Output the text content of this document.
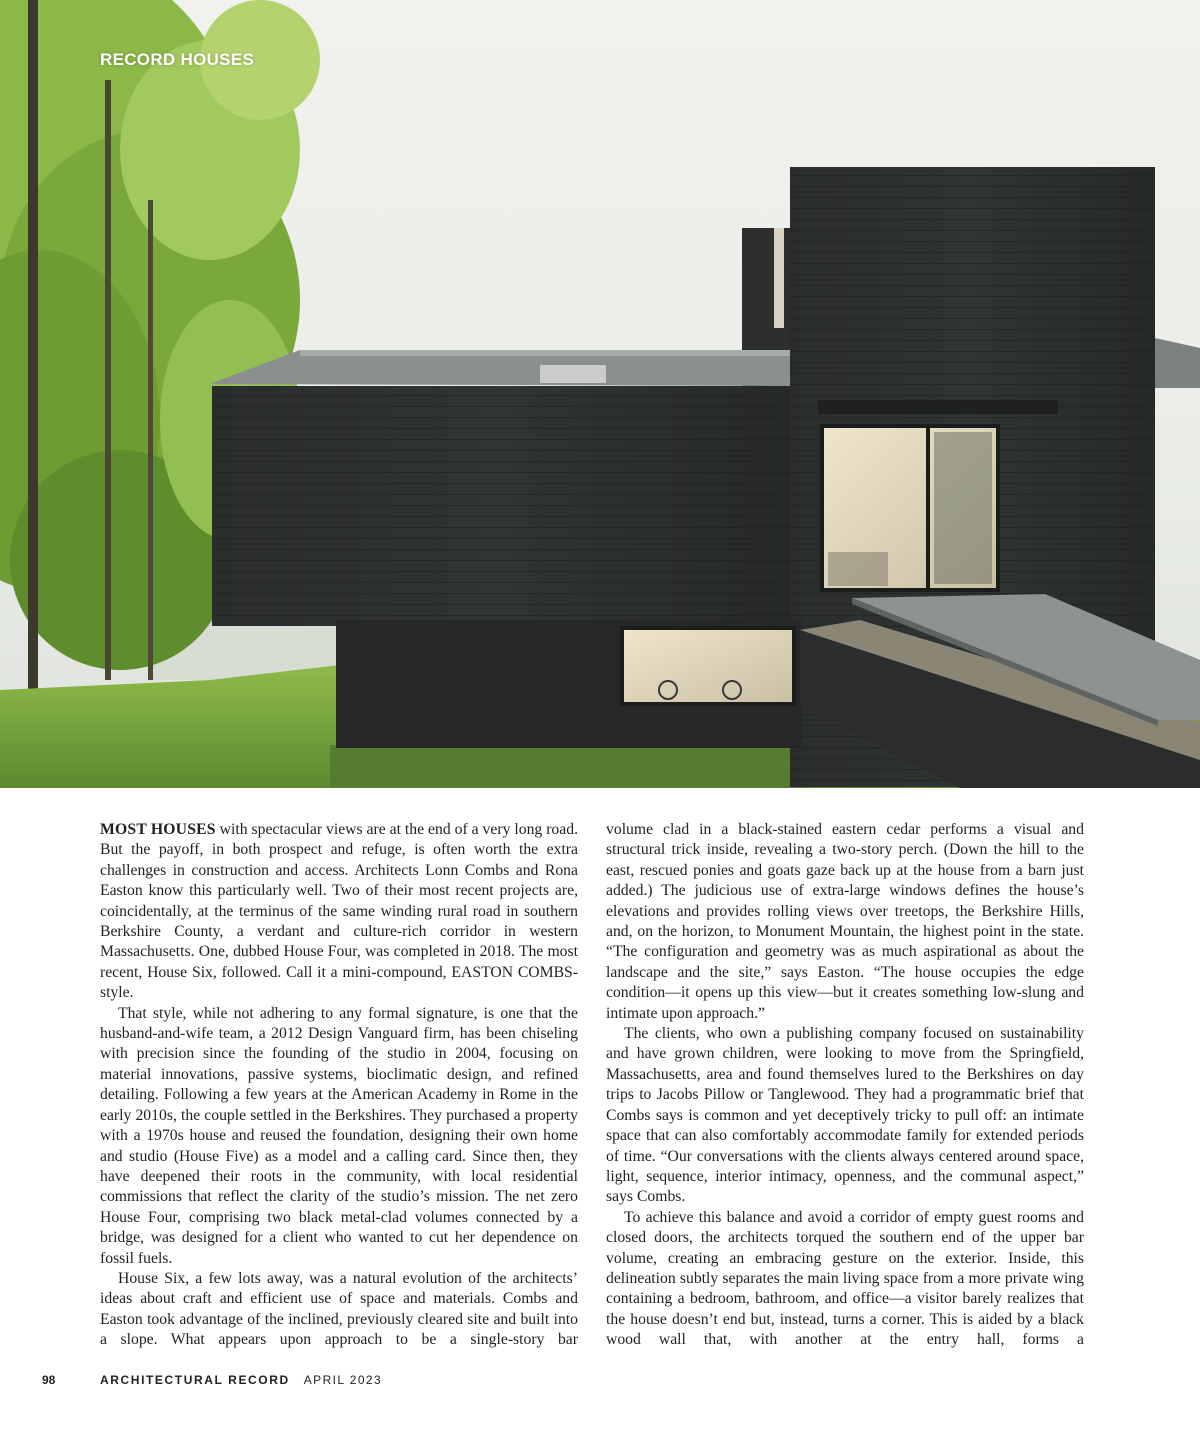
RECORD HOUSES

MOST HOUSES with spectacular views are at the end of a very long road. But the payoff, in both prospect and refuge, is often worth the extra challenges in construction and access. Architects Lonn Combs and Rona Easton know this particularly well. Two of their most recent projects are, coincidentally, at the terminus of the same winding rural road in southern Berkshire County, a verdant and culture-rich corridor in western Massachusetts. One, dubbed House Four, was completed in 2018. The most recent, House Six, followed. Call it a mini-compound, EASTON COMBS-style.

That style, while not adhering to any formal signature, is one that the husband-and-wife team, a 2012 Design Vanguard firm, has been chiseling with precision since the founding of the studio in 2004, focusing on material innovations, passive systems, bioclimatic design, and refined detailing. Following a few years at the American Academy in Rome in the early 2010s, the couple settled in the Berkshires. They purchased a property with a 1970s house and reused the foundation, designing their own home and studio (House Five) as a model and a calling card. Since then, they have deepened their roots in the community, with local residential commissions that reflect the clarity of the studio’s mission. The net zero House Four, comprising two black metal-clad volumes connected by a bridge, was designed for a client who wanted to cut her dependence on fossil fuels.

House Six, a few lots away, was a natural evolution of the architects’ ideas about craft and efficient use of space and materials. Combs and Easton took advantage of the inclined, previously cleared site and built into a slope. What appears upon approach to be a single-story bar

volume clad in a black-stained eastern cedar performs a visual and structural trick inside, revealing a two-story perch. (Down the hill to the east, rescued ponies and goats gaze back up at the house from a barn just added.) The judicious use of extra-large windows defines the house’s elevations and provides rolling views over treetops, the Berkshire Hills, and, on the horizon, to Monument Mountain, the highest point in the state. “The configuration and geometry was as much aspirational as about the landscape and the site,” says Easton. “The house occupies the edge condition—it opens up this view—but it creates something low-slung and intimate upon approach.”

The clients, who own a publishing company focused on sustainability and have grown children, were looking to move from the Springfield, Massachusetts, area and found themselves lured to the Berkshires on day trips to Jacobs Pillow or Tanglewood. They had a programmatic brief that Combs says is common and yet deceptively tricky to pull off: an intimate space that can also comfortably accommodate family for extended periods of time. “Our conversations with the clients always centered around space, light, sequence, interior intimacy, openness, and the communal aspect,” says Combs.

To achieve this balance and avoid a corridor of empty guest rooms and closed doors, the architects torqued the southern end of the upper bar volume, creating an embracing gesture on the exterior. Inside, this delineation subtly separates the main living space from a more private wing containing a bedroom, bathroom, and office—a visitor barely realizes that the house doesn’t end but, instead, turns a corner. This is aided by a black wood wall that, with another at the entry hall, forms a

98	ARCHITECTURAL RECORD APRIL 2023
